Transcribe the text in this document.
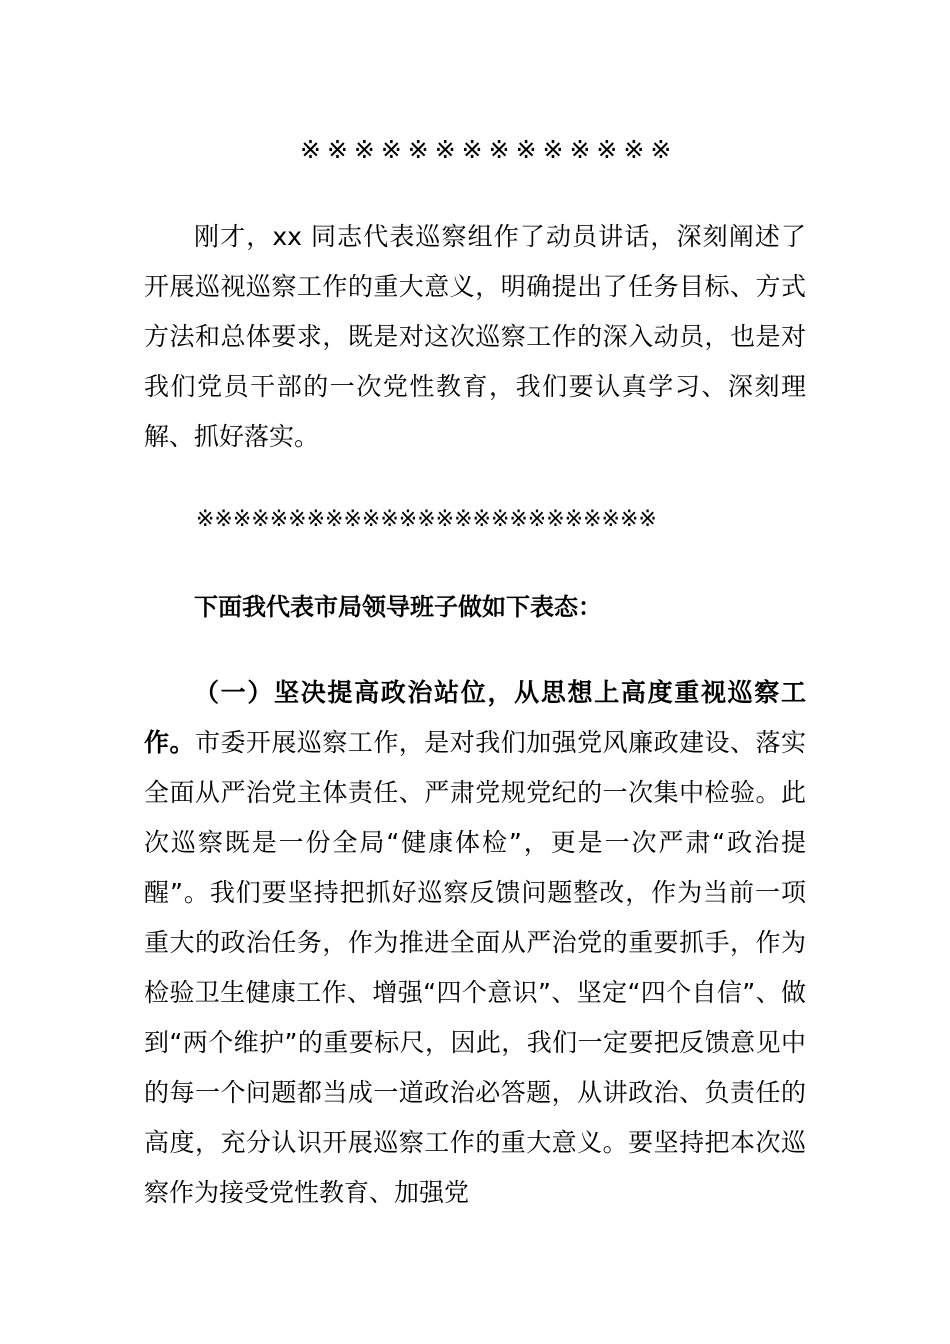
※※※※※※※※※※※※※※

刚才，xx 同志代表巡察组作了动员讲话，深刻阐述了开展巡视巡察工作的重大意义，明确提出了任务目标、方式方法和总体要求，既是对这次巡察工作的深入动员，也是对我们党员干部的一次党性教育，我们要认真学习、深刻理解、抓好落实。

※※※※※※※※※※※※※※※※※※※※※※※※※
下面我代表市局领导班子做如下表态：

（一）坚决提高政治站位，从思想上高度重视巡察工作。市委开展巡察工作，是对我们加强党风廉政建设、落实全面从严治党主体责任、严肃党规党纪的一次集中检验。此次巡察既是一份全局“健康体检”，更是一次严肃“政治提醒”。我们要坚持把抓好巡察反馈问题整改，作为当前一项重大的政治任务，作为推进全面从严治党的重要抓手，作为检验卫生健康工作、增强“四个意识”、坚定“四个自信”、做到“两个维护”的重要标尺，因此，我们一定要把反馈意见中的每一个问题都当成一道政治必答题，从讲政治、负责任的高度，充分认识开展巡察工作的重大意义。要坚持把本次巡察作为接受党性教育、加强党
